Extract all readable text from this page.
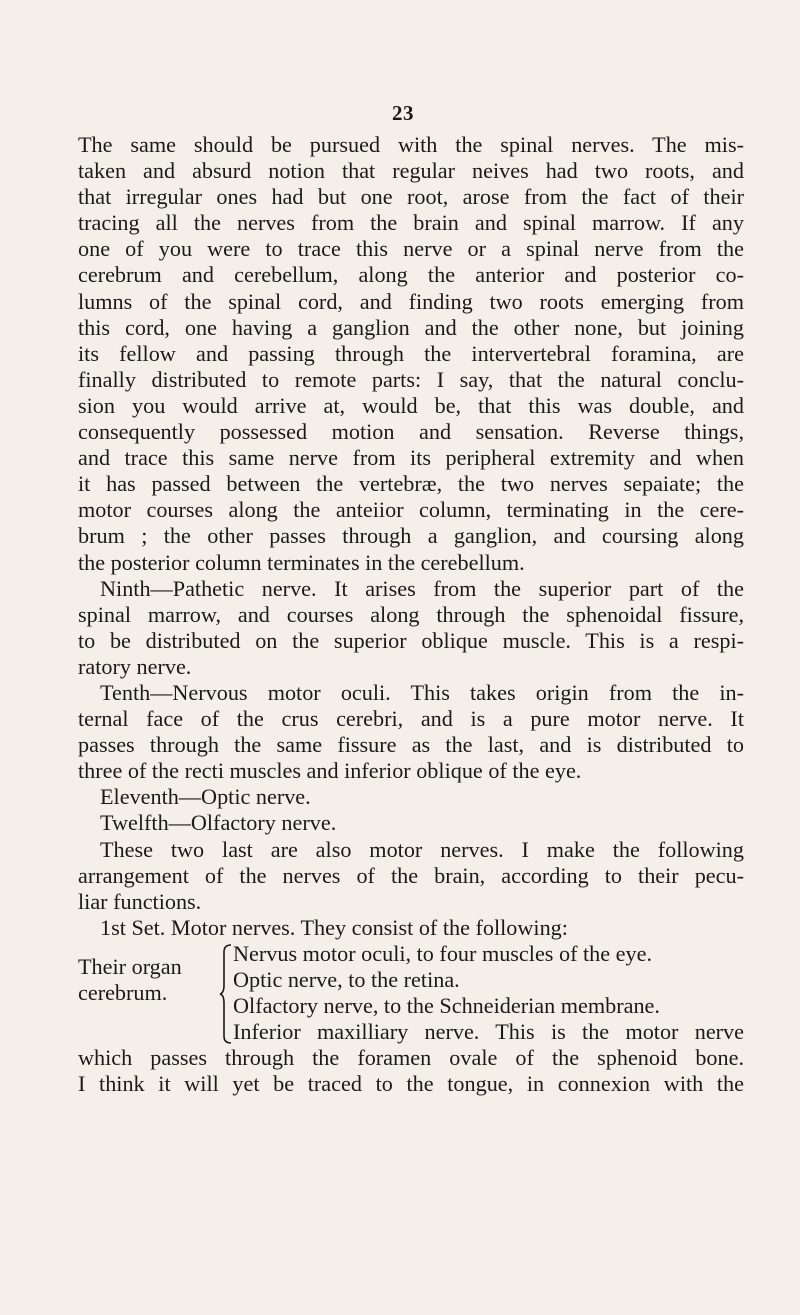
23
The same should be pursued with the spinal nerves. The mis-
taken and absurd notion that regular neives had two roots, and
that irregular ones had but one root, arose from the fact of their
tracing all the nerves from the brain and spinal marrow. If any
one of you were to trace this nerve or a spinal nerve from the
cerebrum and cerebellum, along the anterior and posterior co-
lumns of the spinal cord, and finding two roots emerging from
this cord, one having a ganglion and the other none, but joining
its fellow and passing through the intervertebral foramina, are
finally distributed to remote parts: I say, that the natural conclu-
sion you would arrive at, would be, that this was double, and
consequently possessed motion and sensation. Reverse things,
and trace this same nerve from its peripheral extremity and when
it has passed between the vertebræ, the two nerves sepaiate; the
motor courses along the anteiior column, terminating in the cere-
brum ; the other passes through a ganglion, and coursing along
the posterior column terminates in the cerebellum.
Ninth—Pathetic nerve. It arises from the superior part of the
spinal marrow, and courses along through the sphenoidal fissure,
to be distributed on the superior oblique muscle. This is a respi-
ratory nerve.
Tenth—Nervous motor oculi. This takes origin from the in-
ternal face of the crus cerebri, and is a pure motor nerve. It
passes through the same fissure as the last, and is distributed to
three of the recti muscles and inferior oblique of the eye.
Eleventh—Optic nerve.
Twelfth—Olfactory nerve.
These two last are also motor nerves. I make the following
arrangement of the nerves of the brain, according to their pecu-
liar functions.
1st Set. Motor nerves. They consist of the following:
Their organ
cerebrum.
Nervus motor oculi, to four muscles of the eye.
Optic nerve, to the retina.
Olfactory nerve, to the Schneiderian membrane.
Inferior maxilliary nerve. This is the motor nerve
which passes through the foramen ovale of the sphenoid bone.
I think it will yet be traced to the tongue, in connexion with the
